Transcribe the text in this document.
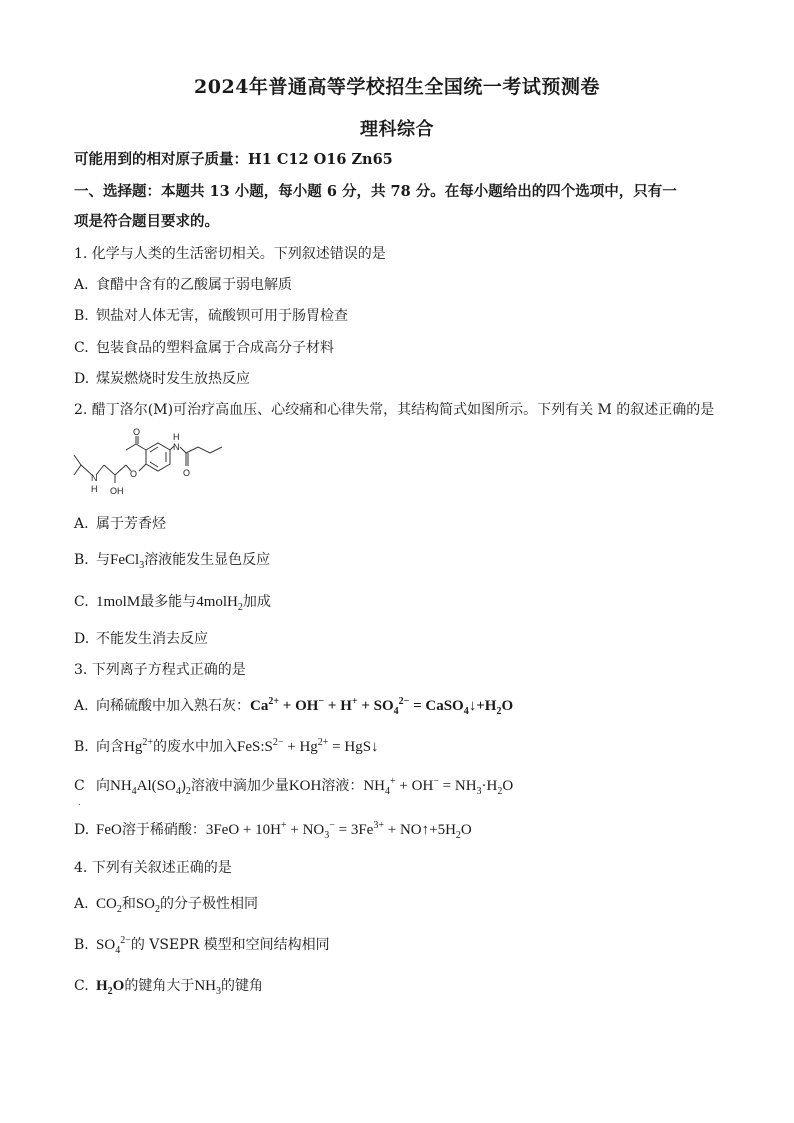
2024年普通高等学校招生全国统一考试预测卷
理科综合
可能用到的相对原子质量：H1 C12 O16 Zn65
一、选择题：本题共 13 小题，每小题 6 分，共 78 分。在每小题给出的四个选项中，只有一
项是符合题目要求的。
1. 化学与人类的生活密切相关。下列叙述错误的是
A. 食醋中含有的乙酸属于弱电解质
B. 钡盐对人体无害，硫酸钡可用于肠胃检查
C. 包装食品的塑料盒属于合成高分子材料
D. 煤炭燃烧时发生放热反应
2. 醋丁洛尔(M)可治疗高血压、心绞痛和心律失常，其结构简式如图所示。下列有关 M 的叙述正确的是
O	H
N
O
N
H OH
O
A. 属于芳香烃
B. 与FeCl$_3$溶液能发生显色反应
C. 1molM最多能与4molH$_2$加成
D. 不能发生消去反应
3. 下列离子方程式正确的是
A. 向稀硫酸中加入熟石灰：$Ca^{2+} + OH^- + H^+ + SO_4^{2-}$ = $CaSO_4↓+H_2O$
B. 向含$Hg^{2+}$的废水中加入$FeS:S^{2-} + Hg^{2+}$ = HgS↓
C 向$NH_4Al(SO_4)_2$溶液中滴加少量KOH溶液：$NH_4^+ + OH^- = NH_3\cdot H_2O$
.
D. FeO溶于稀硝酸：$3FeO + 10H^+ + NO_3^- = 3Fe^{3+}$ + $NO↑+5H_2O$
4. 下列有关叙述正确的是
A. $CO_2$和$SO_2$的分子极性相同
B. $SO_4^{2-}$的 VSEPR 模型和空间结构相同
C. $H_2O$的键角大于$NH_3$的键角
